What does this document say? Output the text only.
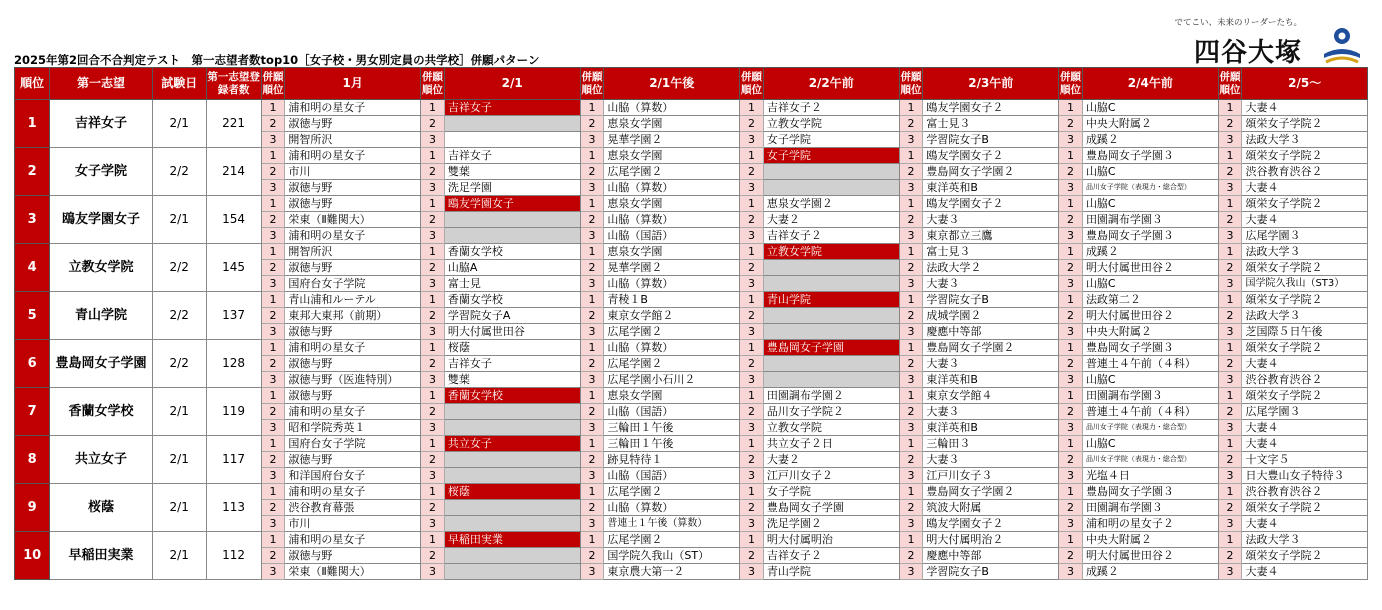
2025年第2回合不合判定テスト　第一志望者数top10［女子校・男女別定員の共学校］併願パターン
でてこい、未来のリーダーたち。
四谷大塚
順位	第一志望	試験日	第一志望登録者数	併願順位	1月	併願順位	2/1	併願順位	2/1午後	併願順位	2/2午前	併願順位	2/3午前	併願順位	2/4午前	併願順位	2/5～
1	吉祥女子	2/1	221	1	浦和明の星女子	1	吉祥女子	1	山脇（算数）	1	吉祥女子２	1	鴎友学園女子２	1	山脇C	1	大妻４
				2	淑徳与野	2		2	恵泉女学園	2	立教女学院	2	富士見３	2	中央大附属２	2	頌栄女子学院２
				3	開智所沢	3		3	晃華学園２	3	女子学院	3	学習院女子B	3	成蹊２	3	法政大学３
2	女子学院	2/2	214	1	浦和明の星女子	1	吉祥女子	1	恵泉女学園	1	女子学院	1	鴎友学園女子２	1	豊島岡女子学園３	1	頌栄女子学院２
				2	市川	2	雙葉	2	広尾学園２	2		2	豊島岡女子学園２	2	山脇C	2	渋谷教育渋谷２
				3	淑徳与野	3	洗足学園	3	山脇（算数）	3		3	東洋英和B	3	品川女子学院（表現力・総合型）	3	大妻４
3	鴎友学園女子	2/1	154	1	淑徳与野	1	鴎友学園女子	1	恵泉女学園	1	恵泉女学園２	1	鴎友学園女子２	1	山脇C	1	頌栄女子学院２
				2	栄東（Ⅱ難関大）	2		2	山脇（算数）	2	大妻２	2	大妻３	2	田園調布学園３	2	大妻４
				3	浦和明の星女子	3		3	山脇（国語）	3	吉祥女子２	3	東京都立三鷹	3	豊島岡女子学園３	3	広尾学園３
4	立教女学院	2/2	145	1	開智所沢	1	香蘭女学校	1	恵泉女学園	1	立教女学院	1	富士見３	1	成蹊２	1	法政大学３
				2	淑徳与野	2	山脇A	2	晃華学園２	2		2	法政大学２	2	明大付属世田谷２	2	頌栄女子学院２
				3	国府台女子学院	3	富士見	3	山脇（算数）	3		3	大妻３	3	山脇C	3	国学院久我山（ST3）
5	青山学院	2/2	137	1	青山浦和ルーテル	1	香蘭女学校	1	青稜１B	1	青山学院	1	学習院女子B	1	法政第二２	1	頌栄女子学院２
				2	東邦大東邦（前期）	2	学習院女子A	2	東京女学館２	2		2	成城学園２	2	明大付属世田谷２	2	法政大学３
				3	淑徳与野	3	明大付属世田谷	3	広尾学園２	3		3	慶應中等部	3	中央大附属２	3	芝国際５日午後
6	豊島岡女子学園	2/2	128	1	浦和明の星女子	1	桜蔭	1	山脇（算数）	1	豊島岡女子学園	1	豊島岡女子学園２	1	豊島岡女子学園３	1	頌栄女子学院２
				2	淑徳与野	2	吉祥女子	2	広尾学園２	2		2	大妻３	2	普連土４午前（４科）	2	大妻４
				3	淑徳与野（医進特別）	3	雙葉	3	広尾学園小石川２	3		3	東洋英和B	3	山脇C	3	渋谷教育渋谷２
7	香蘭女学校	2/1	119	1	淑徳与野	1	香蘭女学校	1	恵泉女学園	1	田園調布学園２	1	東京女学館４	1	田園調布学園３	1	頌栄女子学院２
				2	浦和明の星女子	2		2	山脇（国語）	2	品川女子学院２	2	大妻３	2	普連土４午前（４科）	2	広尾学園３
				3	昭和学院秀英１	3		3	三輪田１午後	3	立教女学院	3	東洋英和B	3	品川女子学院（表現力・総合型）	3	大妻４
8	共立女子	2/1	117	1	国府台女子学院	1	共立女子	1	三輪田１午後	1	共立女子２日	1	三輪田３	1	山脇C	1	大妻４
				2	淑徳与野	2		2	跡見特待１	2	大妻２	2	大妻３	2	品川女子学院（表現力・総合型）	2	十文字５
				3	和洋国府台女子	3		3	山脇（国語）	3	江戸川女子２	3	江戸川女子３	3	光塩４日	3	日大豊山女子特待３
9	桜蔭	2/1	113	1	浦和明の星女子	1	桜蔭	1	広尾学園２	1	女子学院	1	豊島岡女子学園２	1	豊島岡女子学園３	1	渋谷教育渋谷２
				2	渋谷教育幕張	2		2	山脇（算数）	2	豊島岡女子学園	2	筑波大附属	2	田園調布学園３	2	頌栄女子学院２
				3	市川	3		3	普連土１午後（算数）	3	洗足学園２	3	鴎友学園女子２	3	浦和明の星女子２	3	大妻４
10	早稲田実業	2/1	112	1	浦和明の星女子	1	早稲田実業	1	広尾学園２	1	明大付属明治	1	明大付属明治２	1	中央大附属２	1	法政大学３
				2	淑徳与野	2		2	国学院久我山（ST）	2	吉祥女子２	2	慶應中等部	2	明大付属世田谷２	2	頌栄女子学院２
				3	栄東（Ⅱ難関大）	3		3	東京農大第一２	3	青山学院	3	学習院女子B	3	成蹊２	3	大妻４
